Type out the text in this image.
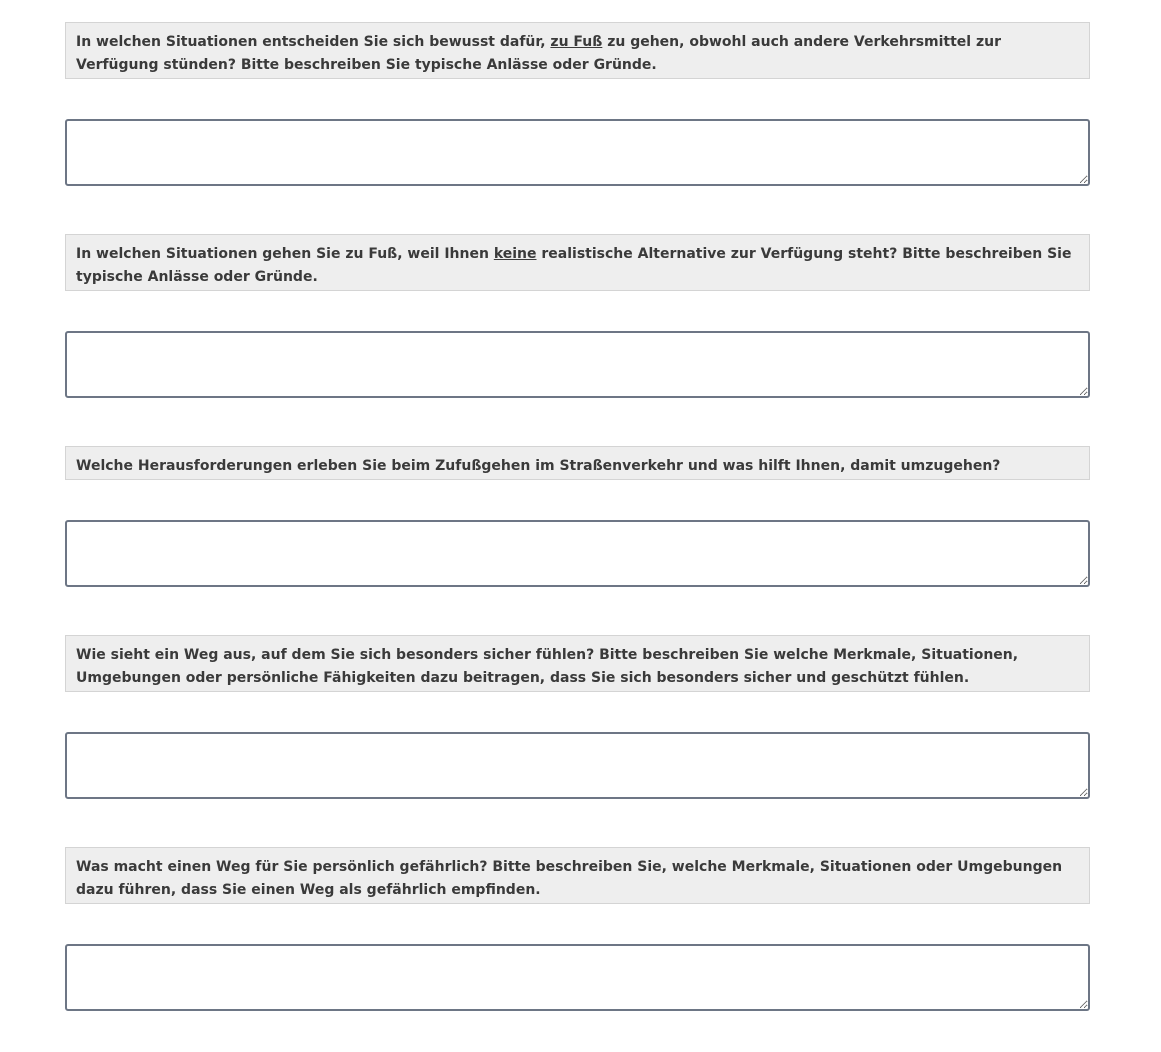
In welchen Situationen entscheiden Sie sich bewusst dafür, zu Fuß zu gehen, obwohl auch andere Verkehrsmittel zur Verfügung stünden? Bitte beschreiben Sie typische Anlässe oder Gründe.
In welchen Situationen gehen Sie zu Fuß, weil Ihnen keine realistische Alternative zur Verfügung steht? Bitte beschreiben Sie typische Anlässe oder Gründe.
Welche Herausforderungen erleben Sie beim Zufußgehen im Straßenverkehr und was hilft Ihnen, damit umzugehen?
Wie sieht ein Weg aus, auf dem Sie sich besonders sicher fühlen? Bitte beschreiben Sie welche Merkmale, Situationen, Umgebungen oder persönliche Fähigkeiten dazu beitragen, dass Sie sich besonders sicher und geschützt fühlen.
Was macht einen Weg für Sie persönlich gefährlich? Bitte beschreiben Sie, welche Merkmale, Situationen oder Umgebungen dazu führen, dass Sie einen Weg als gefährlich empfinden.
